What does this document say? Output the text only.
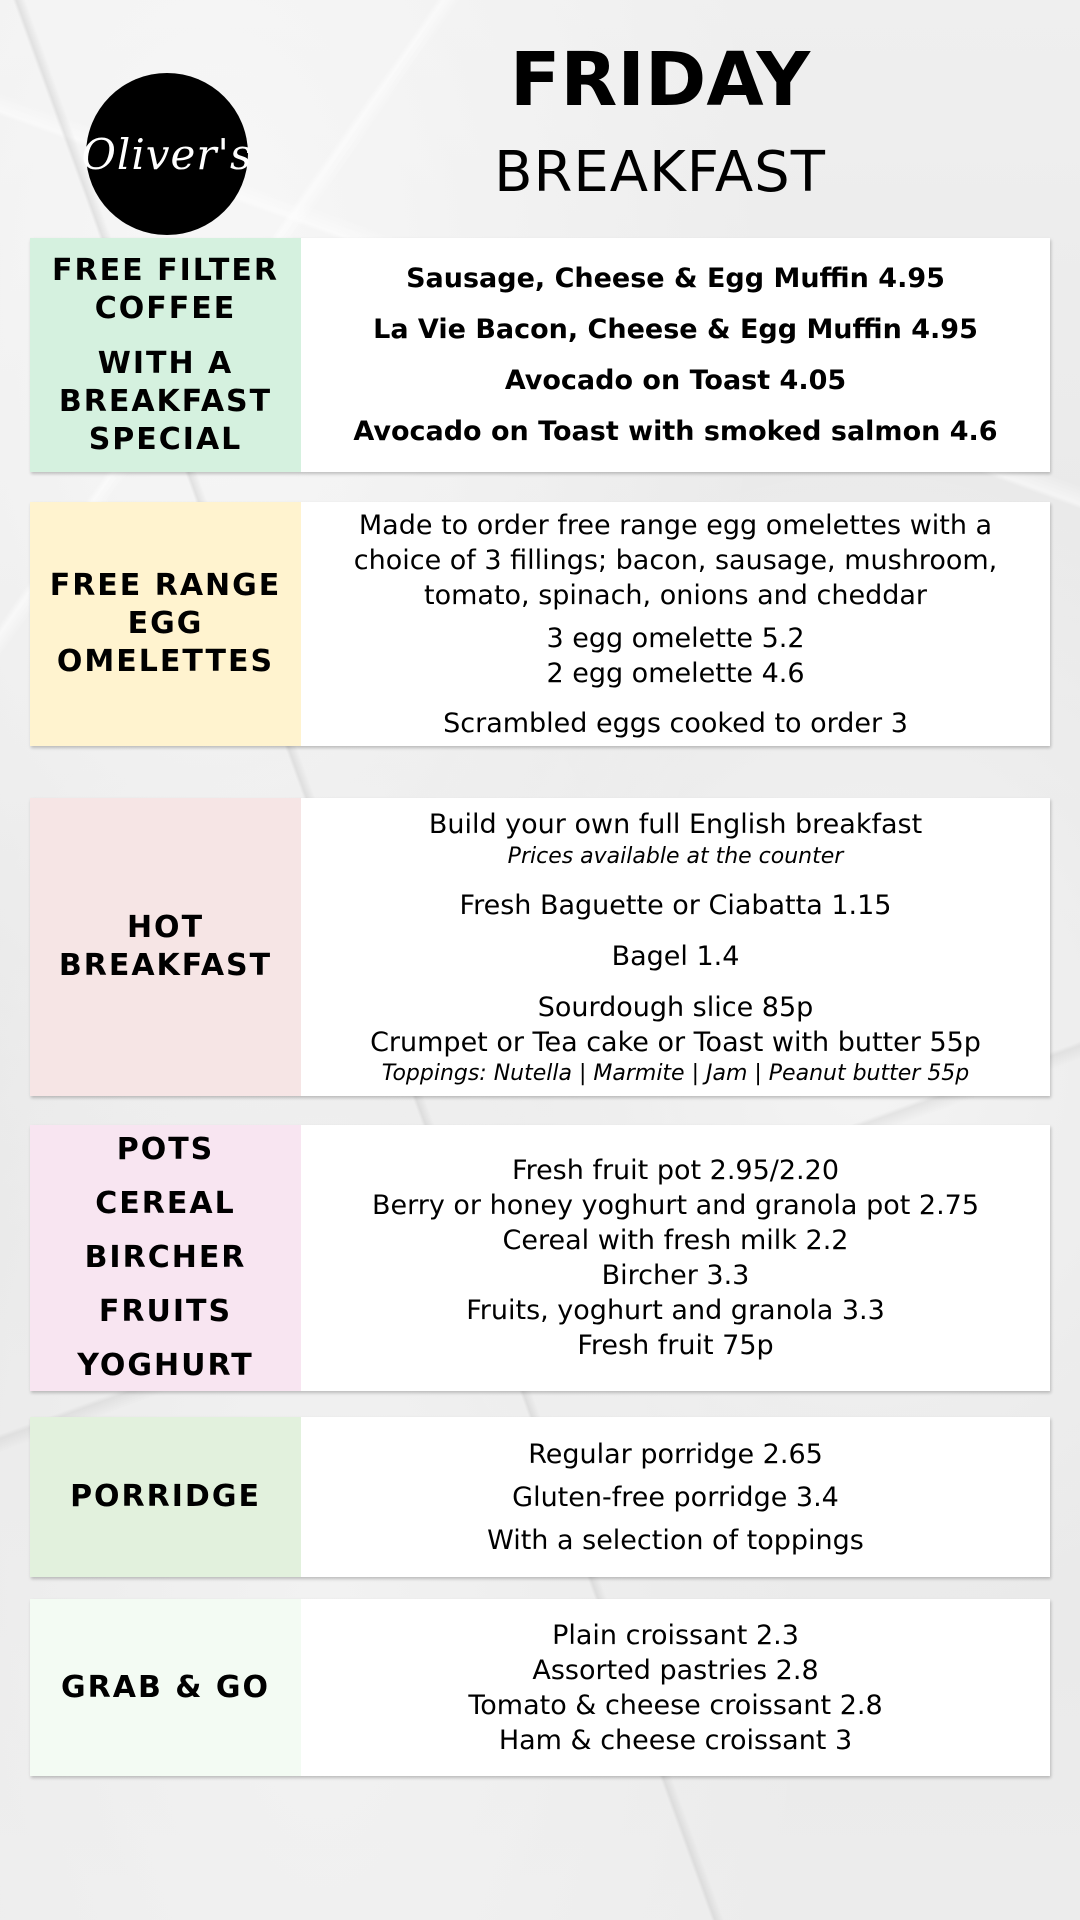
Oliver's
FRIDAY
BREAKFAST
FREE FILTER
COFFEE
WITH A
BREAKFAST
SPECIAL
Sausage, Cheese & Egg Muffin 4.95
La Vie Bacon, Cheese & Egg Muffin 4.95
Avocado on Toast 4.05
Avocado on Toast with smoked salmon 4.6
FREE RANGE
EGG
OMELETTES
Made to order free range egg omelettes with a choice of 3 fillings; bacon, sausage, mushroom, tomato, spinach, onions and cheddar
3 egg omelette 5.2
2 egg omelette 4.6
Scrambled eggs cooked to order 3
HOT
BREAKFAST
Build your own full English breakfast
Prices available at the counter
Fresh Baguette or Ciabatta 1.15
Bagel 1.4
Sourdough slice 85p
Crumpet or Tea cake or Toast with butter 55p
Toppings: Nutella | Marmite | Jam | Peanut butter 55p
POTS
CEREAL
BIRCHER
FRUITS
YOGHURT
Fresh fruit pot 2.95/2.20
Berry or honey yoghurt and granola pot 2.75
Cereal with fresh milk 2.2
Bircher 3.3
Fruits, yoghurt and granola 3.3
Fresh fruit 75p
PORRIDGE
Regular porridge 2.65
Gluten-free porridge 3.4
With a selection of toppings
GRAB & GO
Plain croissant 2.3
Assorted pastries 2.8
Tomato & cheese croissant 2.8
Ham & cheese croissant 3
